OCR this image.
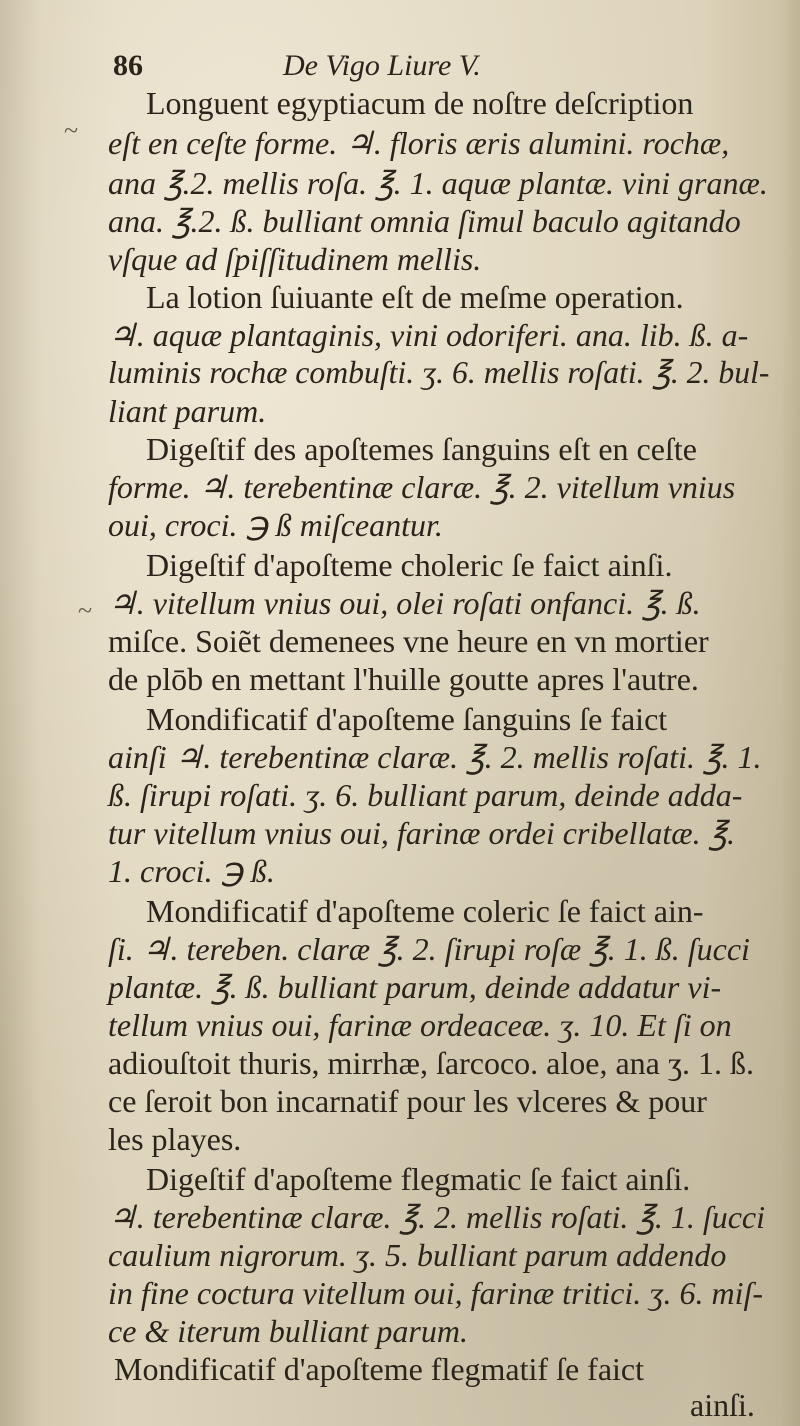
86	De Vigo Liure V.
~
~
Longuent egyptiacum de noſtre deſcription
eſt en ceſte forme. ♃. floris æris alumini. rochæ,
ana ℥.2. mellis roſa. ℥. 1. aquæ plantæ. vini granæ.
ana. ℥.2. ß. bulliant omnia ſimul baculo agitando
vſque ad ſpiſſitudinem mellis.
La lotion ſuiuante eſt de meſme operation.
♃. aquæ plantaginis, vini odoriferi. ana. lib. ß. a-
luminis rochæ combuſti. ʒ. 6. mellis roſati. ℥. 2. bul-
liant parum.
Digeſtif des apoſtemes ſanguins eſt en ceſte
forme. ♃. terebentinæ claræ. ℥. 2. vitellum vnius
oui, croci. ℈ ß miſceantur.
Digeſtif d'apoſteme choleric ſe faict ainſi.
♃. vitellum vnius oui, olei roſati onfanci. ℥. ß.
miſce. Soiẽt demenees vne heure en vn mortier
de plōb en mettant l'huille goutte apres l'autre.
Mondificatif d'apoſteme ſanguins ſe faict
ainſi ♃. terebentinæ claræ. ℥. 2. mellis roſati. ℥. 1.
ß. ſirupi roſati. ʒ. 6. bulliant parum, deinde adda-
tur vitellum vnius oui, farinæ ordei cribellatæ. ℥.
1. croci. ℈ ß.
Mondificatif d'apoſteme coleric ſe faict ain-
ſi. ♃. tereben. claræ ℥. 2. ſirupi roſæ ℥. 1. ß. ſucci
plantæ. ℥. ß. bulliant parum, deinde addatur vi-
tellum vnius oui, farinæ ordeaceæ. ʒ. 10. Et ſi on
adiouſtoit thuris, mirrhæ, ſarcoco. aloe, ana ʒ. 1. ß.
ce ſeroit bon incarnatif pour les vlceres & pour
les playes.
Digeſtif d'apoſteme flegmatic ſe faict ainſi.
♃. terebentinæ claræ. ℥. 2. mellis roſati. ℥. 1. ſucci
caulium nigrorum. ʒ. 5. bulliant parum addendo
in fine coctura vitellum oui, farinæ tritici. ʒ. 6. miſ-
ce & iterum bulliant parum.
Mondificatif d'apoſteme flegmatif ſe faict
ainſi.
